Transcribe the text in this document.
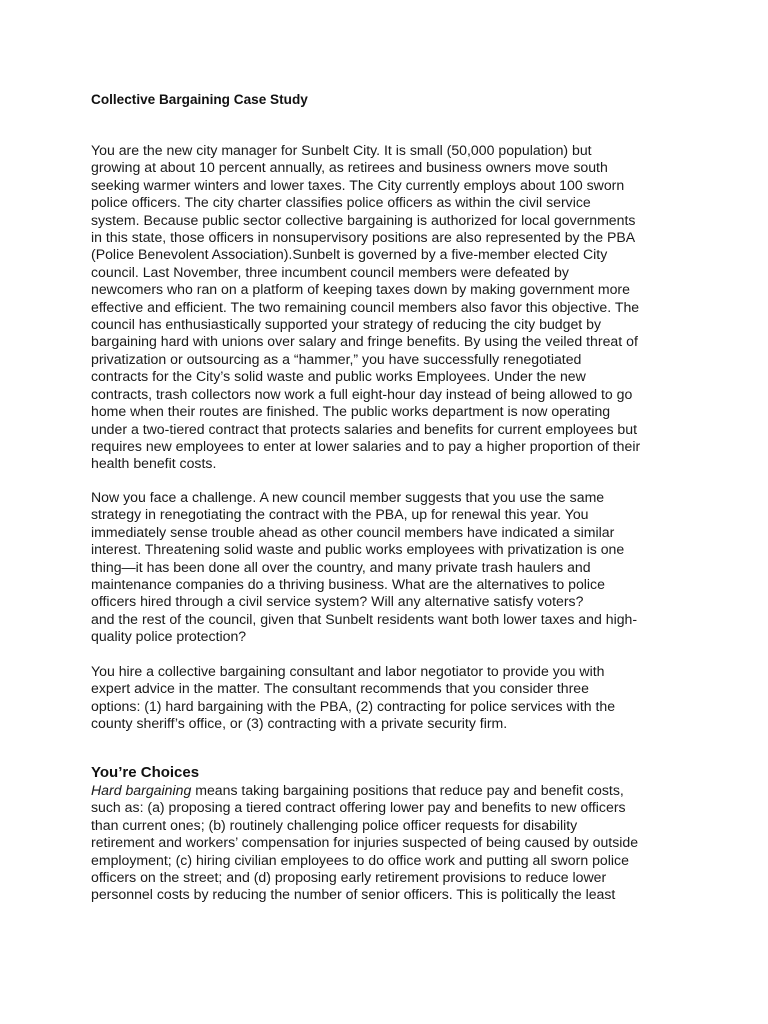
Collective Bargaining Case Study

You are the new city manager for Sunbelt City. It is small (50,000 population) but
growing at about 10 percent annually, as retirees and business owners move south
seeking warmer winters and lower taxes. The City currently employs about 100 sworn
police officers. The city charter classifies police officers as within the civil service
system. Because public sector collective bargaining is authorized for local governments
in this state, those officers in nonsupervisory positions are also represented by the PBA
(Police Benevolent Association).Sunbelt is governed by a five-member elected City
council. Last November, three incumbent council members were defeated by
newcomers who ran on a platform of keeping taxes down by making government more
effective and efficient. The two remaining council members also favor this objective. The
council has enthusiastically supported your strategy of reducing the city budget by
bargaining hard with unions over salary and fringe benefits. By using the veiled threat of
privatization or outsourcing as a “hammer,” you have successfully renegotiated
contracts for the City’s solid waste and public works Employees. Under the new
contracts, trash collectors now work a full eight-hour day instead of being allowed to go
home when their routes are finished. The public works department is now operating
under a two-tiered contract that protects salaries and benefits for current employees but
requires new employees to enter at lower salaries and to pay a higher proportion of their
health benefit costs.

Now you face a challenge. A new council member suggests that you use the same
strategy in renegotiating the contract with the PBA, up for renewal this year. You
immediately sense trouble ahead as other council members have indicated a similar
interest. Threatening solid waste and public works employees with privatization is one
thing—it has been done all over the country, and many private trash haulers and
maintenance companies do a thriving business. What are the alternatives to police
officers hired through a civil service system? Will any alternative satisfy voters?
and the rest of the council, given that Sunbelt residents want both lower taxes and high-
quality police protection?

You hire a collective bargaining consultant and labor negotiator to provide you with
expert advice in the matter. The consultant recommends that you consider three
options: (1) hard bargaining with the PBA, (2) contracting for police services with the
county sheriff’s office, or (3) contracting with a private security firm.

You’re Choices

Hard bargaining means taking bargaining positions that reduce pay and benefit costs,
such as: (a) proposing a tiered contract offering lower pay and benefits to new officers
than current ones; (b) routinely challenging police officer requests for disability
retirement and workers’ compensation for injuries suspected of being caused by outside
employment; (c) hiring civilian employees to do office work and putting all sworn police
officers on the street; and (d) proposing early retirement provisions to reduce lower
personnel costs by reducing the number of senior officers. This is politically the least
